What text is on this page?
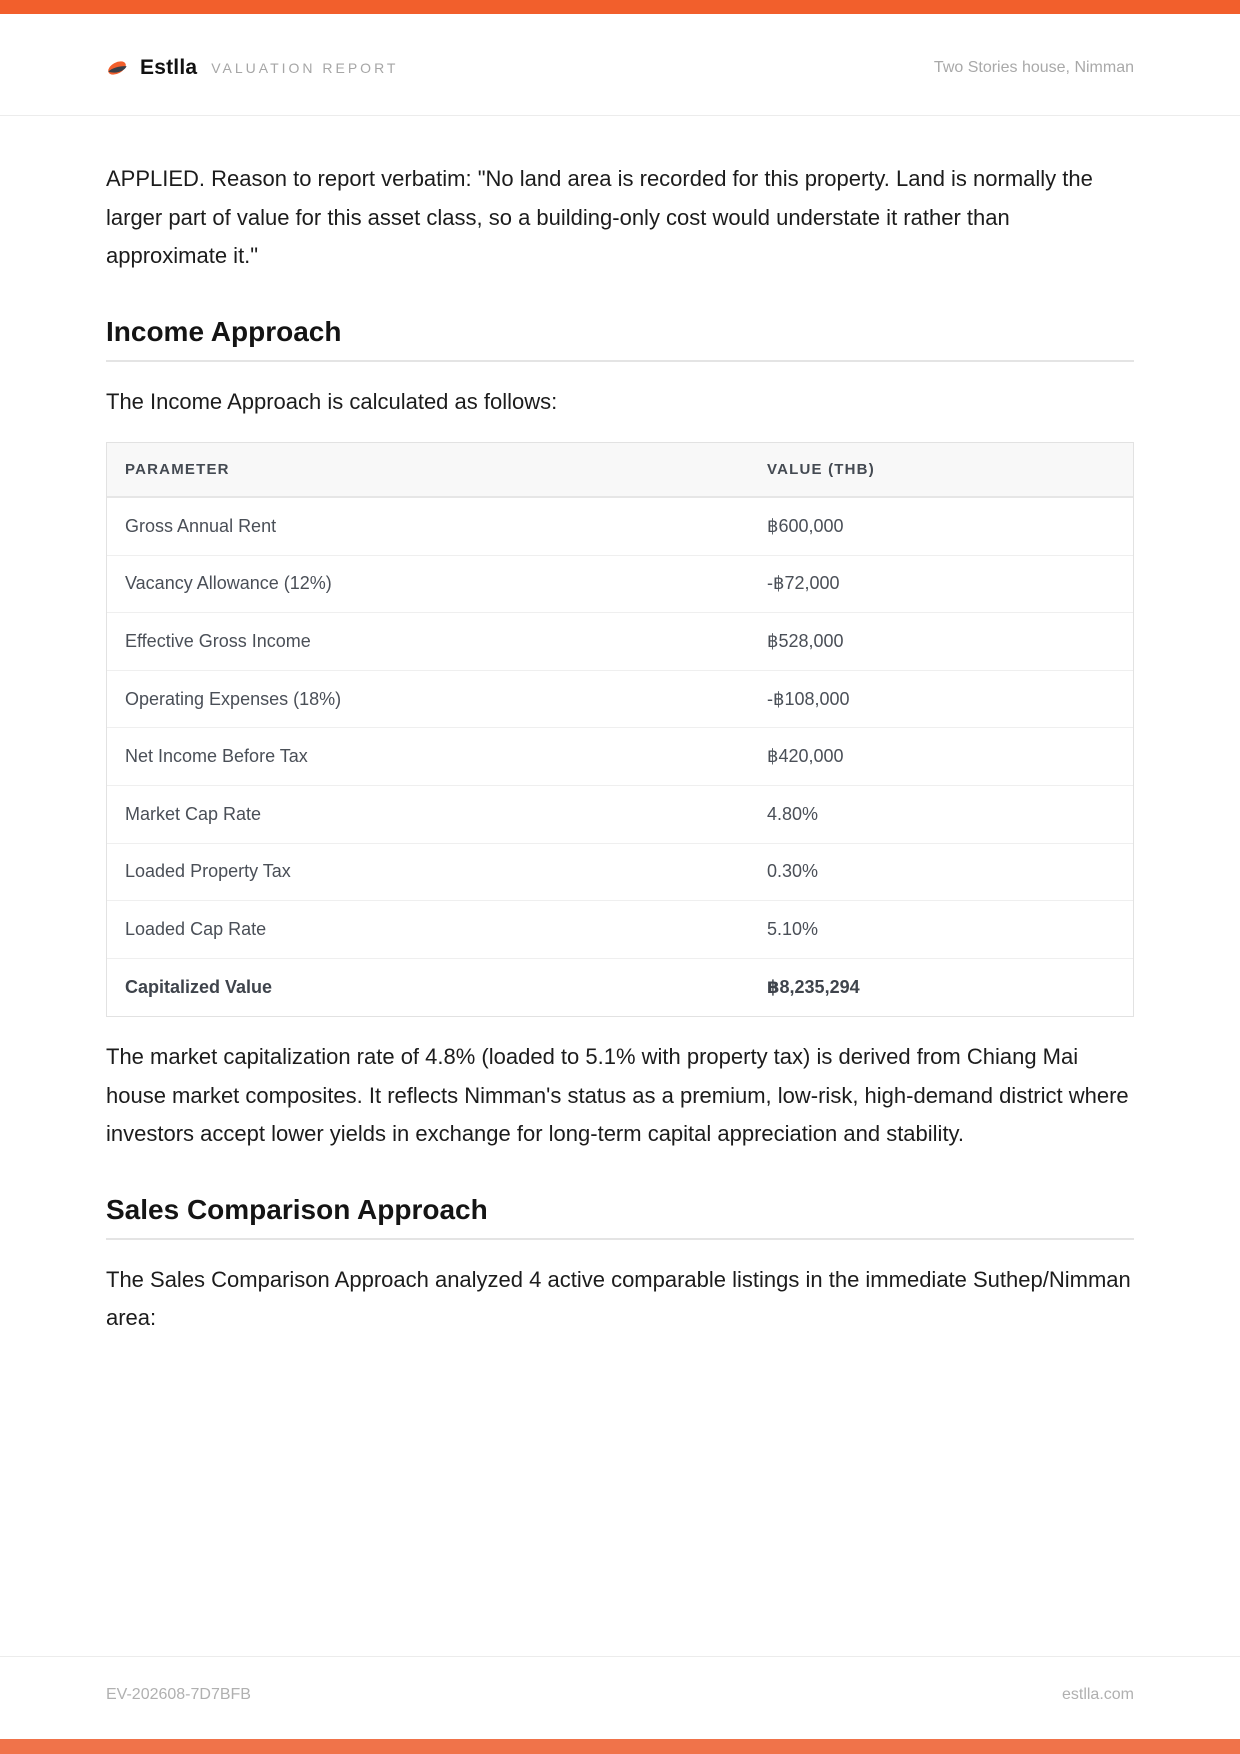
Estlla VALUATION REPORT	Two Stories house, Nimman

APPLIED. Reason to report verbatim: "No land area is recorded for this property. Land is normally the larger part of value for this asset class, so a building-only cost would understate it rather than approximate it."

Income Approach

The Income Approach is calculated as follows:

PARAMETER	VALUE (THB)
Gross Annual Rent	฿600,000
Vacancy Allowance (12%)	-฿72,000
Effective Gross Income	฿528,000
Operating Expenses (18%)	-฿108,000
Net Income Before Tax	฿420,000
Market Cap Rate	4.80%
Loaded Property Tax	0.30%
Loaded Cap Rate	5.10%
Capitalized Value	฿8,235,294

The market capitalization rate of 4.8% (loaded to 5.1% with property tax) is derived from Chiang Mai house market composites. It reflects Nimman's status as a premium, low-risk, high-demand district where investors accept lower yields in exchange for long-term capital appreciation and stability.

Sales Comparison Approach

The Sales Comparison Approach analyzed 4 active comparable listings in the immediate Suthep/Nimman area:

EV-202608-7D7BFB	estlla.com
